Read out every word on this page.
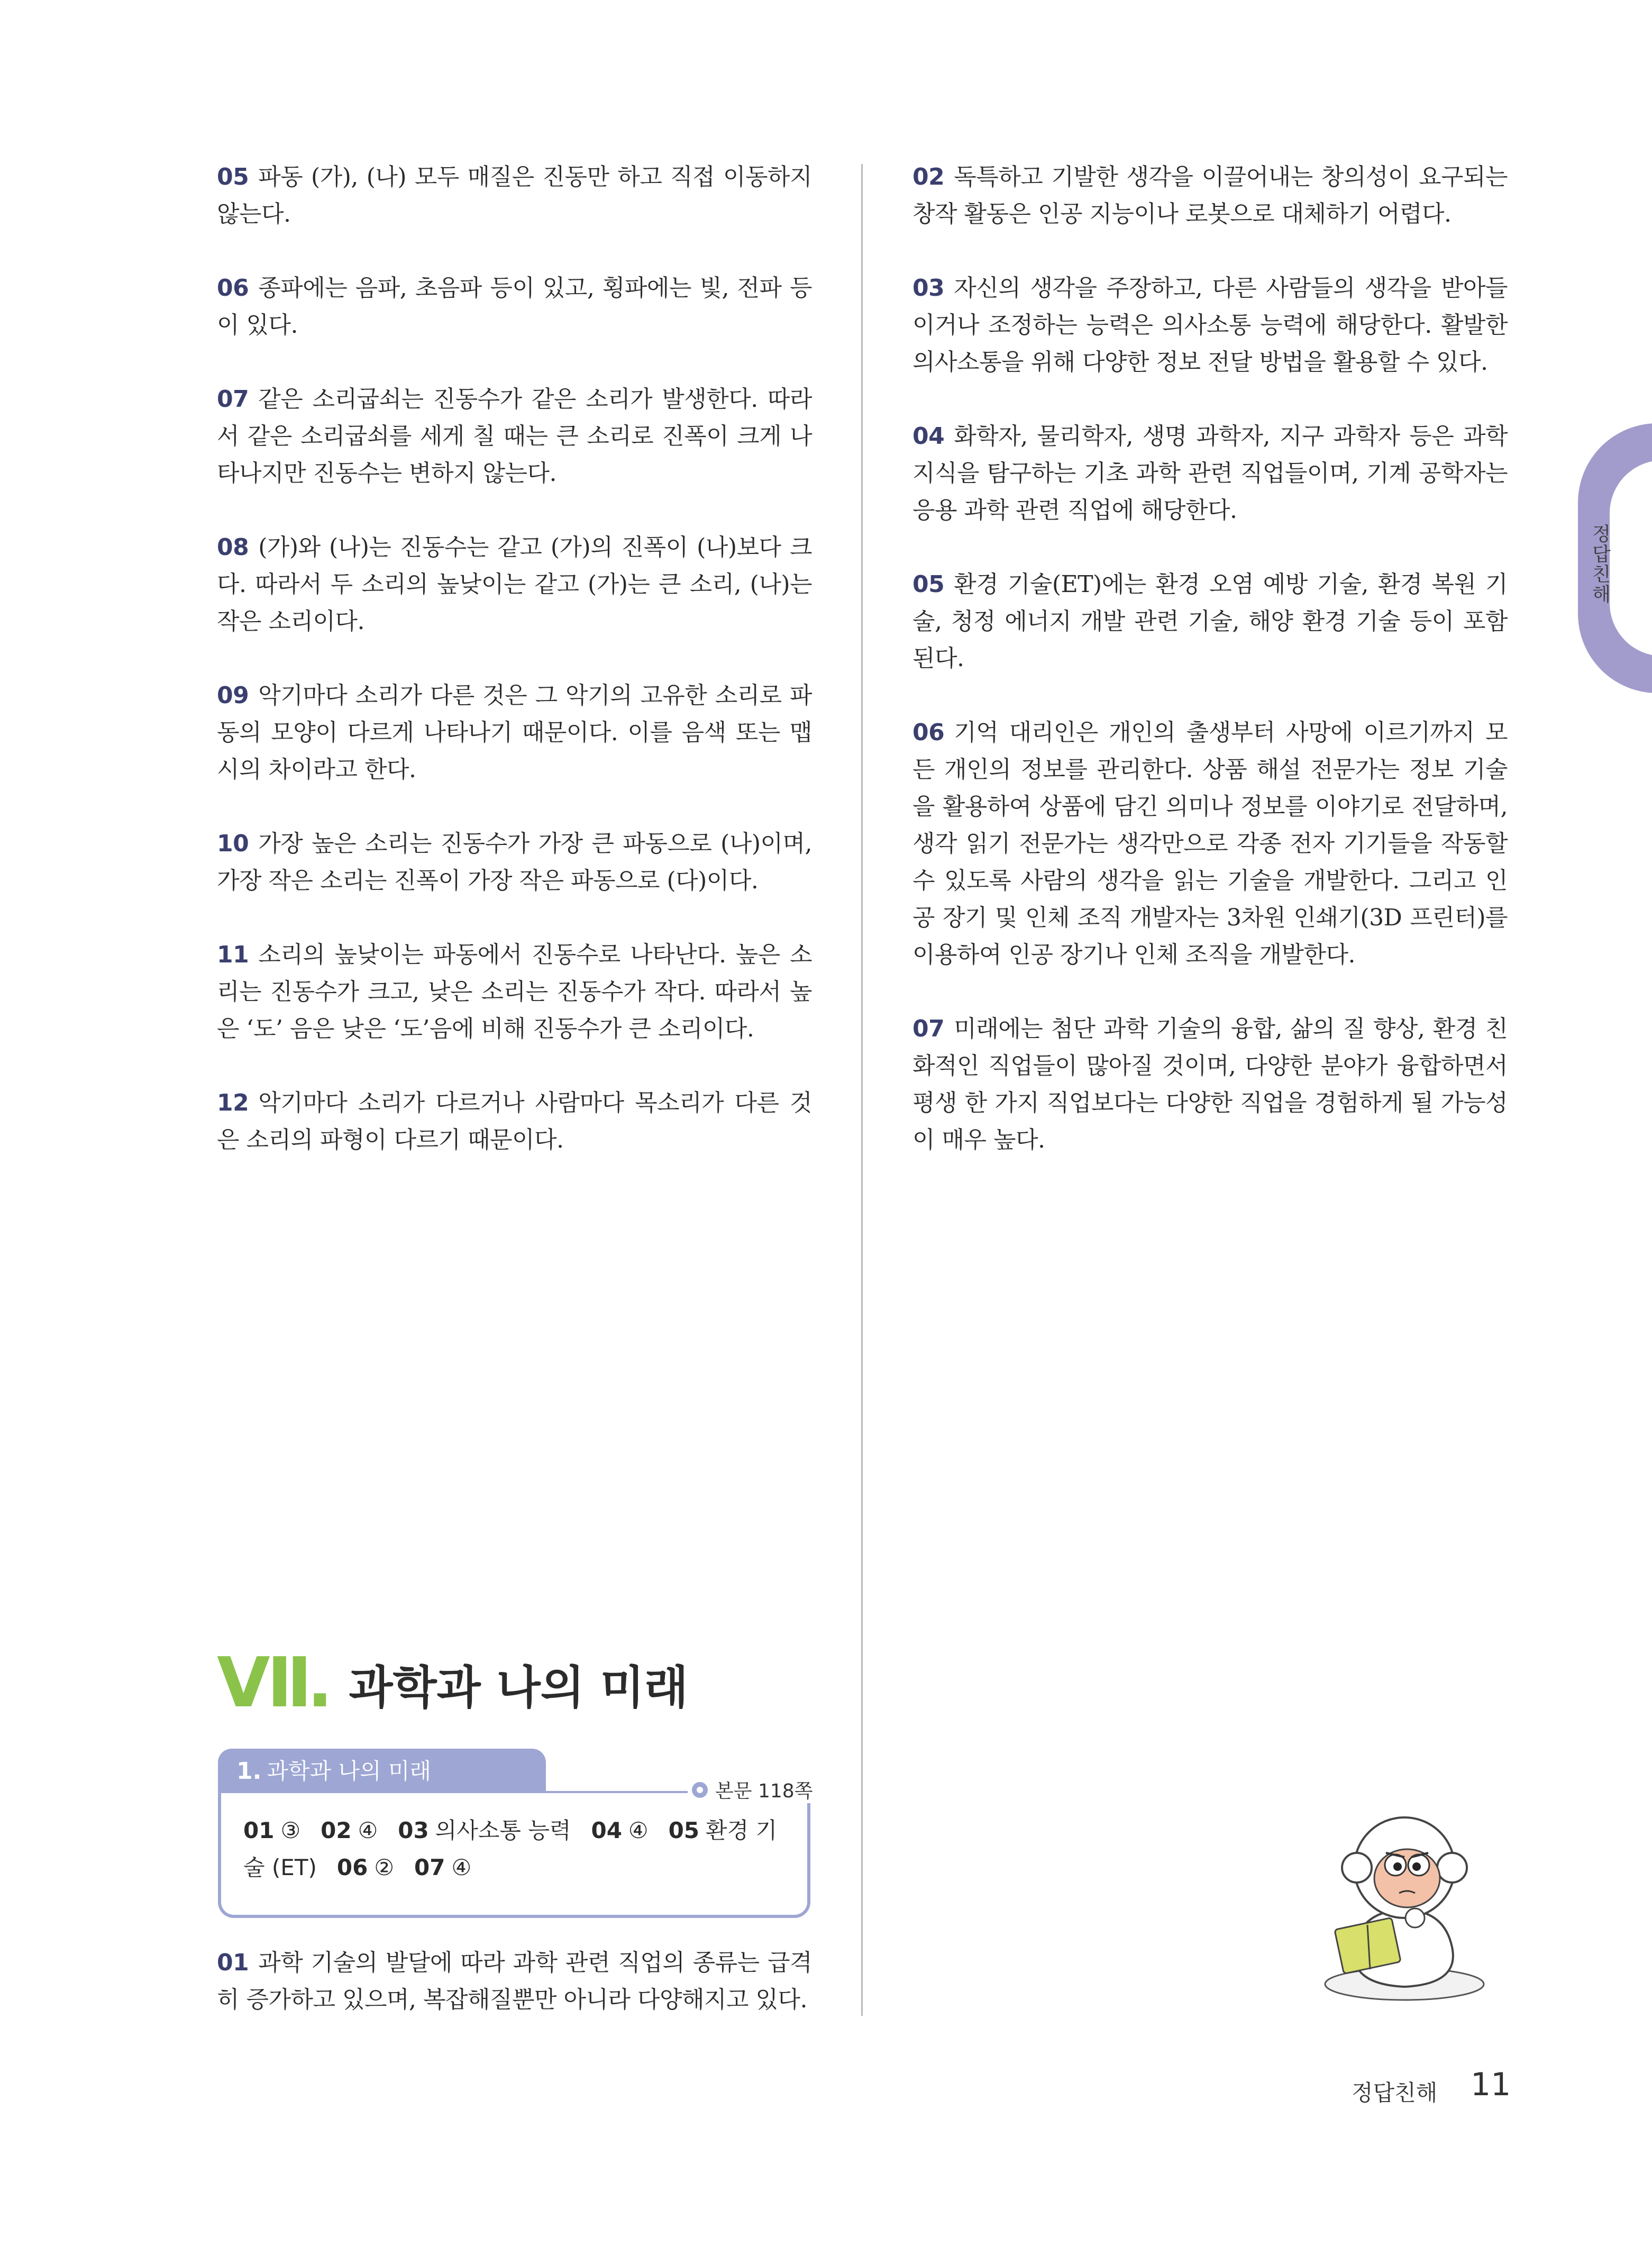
05 파동 (가), (나) 모두 매질은 진동만 하고 직접 이동하지 않는다.
06 종파에는 음파, 초음파 등이 있고, 횡파에는 빛, 전파 등이 있다.
07 같은 소리굽쇠는 진동수가 같은 소리가 발생한다. 따라서 같은 소리굽쇠를 세게 칠 때는 큰 소리로 진폭이 크게 나타나지만 진동수는 변하지 않는다.
08 (가)와 (나)는 진동수는 같고 (가)의 진폭이 (나)보다 크다. 따라서 두 소리의 높낮이는 같고 (가)는 큰 소리, (나)는 작은 소리이다.
09 악기마다 소리가 다른 것은 그 악기의 고유한 소리로 파동의 모양이 다르게 나타나기 때문이다. 이를 음색 또는 맵시의 차이라고 한다.
10 가장 높은 소리는 진동수가 가장 큰 파동으로 (나)이며, 가장 작은 소리는 진폭이 가장 작은 파동으로 (다)이다.
11 소리의 높낮이는 파동에서 진동수로 나타난다. 높은 소리는 진동수가 크고, 낮은 소리는 진동수가 작다. 따라서 높은 ‘도’ 음은 낮은 ‘도’음에 비해 진동수가 큰 소리이다.
12 악기마다 소리가 다르거나 사람마다 목소리가 다른 것은 소리의 파형이 다르기 때문이다.
02 독특하고 기발한 생각을 이끌어내는 창의성이 요구되는 창작 활동은 인공 지능이나 로봇으로 대체하기 어렵다.
03 자신의 생각을 주장하고, 다른 사람들의 생각을 받아들이거나 조정하는 능력은 의사소통 능력에 해당한다. 활발한 의사소통을 위해 다양한 정보 전달 방법을 활용할 수 있다.
04 화학자, 물리학자, 생명 과학자, 지구 과학자 등은 과학 지식을 탐구하는 기초 과학 관련 직업들이며, 기계 공학자는 응용 과학 관련 직업에 해당한다.
05 환경 기술(ET)에는 환경 오염 예방 기술, 환경 복원 기술, 청정 에너지 개발 관련 기술, 해양 환경 기술 등이 포함된다.
06 기억 대리인은 개인의 출생부터 사망에 이르기까지 모든 개인의 정보를 관리한다. 상품 해설 전문가는 정보 기술을 활용하여 상품에 담긴 의미나 정보를 이야기로 전달하며, 생각 읽기 전문가는 생각만으로 각종 전자 기기들을 작동할 수 있도록 사람의 생각을 읽는 기술을 개발한다. 그리고 인공 장기 및 인체 조직 개발자는 3차원 인쇄기(3D 프린터)를 이용하여 인공 장기나 인체 조직을 개발한다.
07 미래에는 첨단 과학 기술의 융합, 삶의 질 향상, 환경 친화적인 직업들이 많아질 것이며, 다양한 분야가 융합하면서 평생 한 가지 직업보다는 다양한 직업을 경험하게 될 가능성이 매우 높다.
정답친해
Ⅶ. 과학과 나의 미래
1. 과학과 나의 미래
본문 118쪽
01 ③ 02 ④ 03 의사소통 능력 04 ④ 05 환경 기술 (ET) 06 ② 07 ④
01 과학 기술의 발달에 따라 과학 관련 직업의 종류는 급격히 증가하고 있으며, 복잡해질뿐만 아니라 다양해지고 있다.
정답친해 11
